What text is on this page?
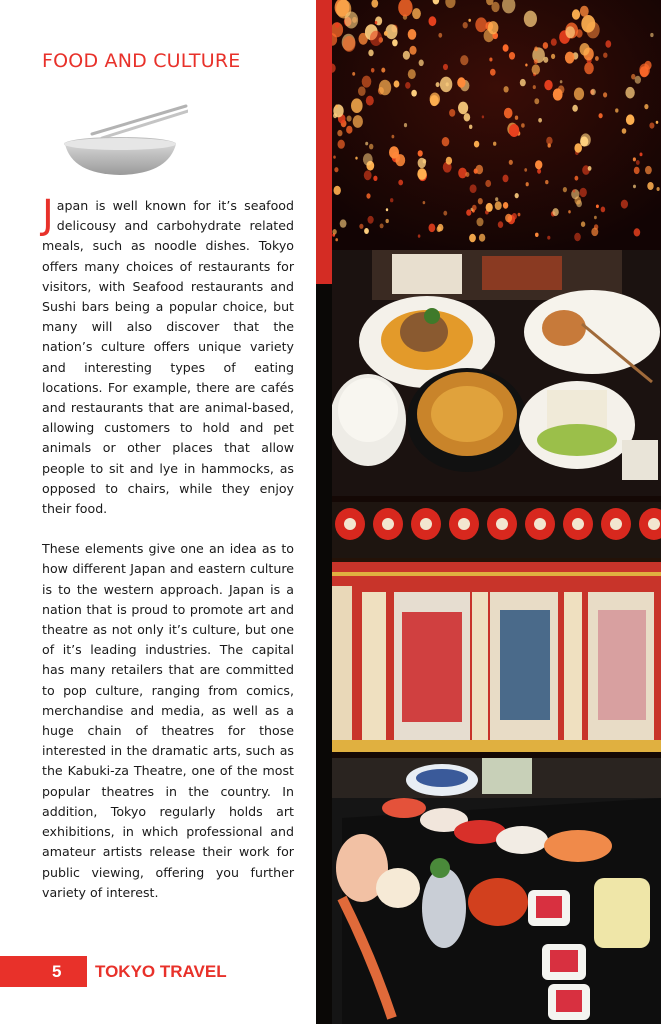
FOOD AND CULTURE

Japan is well known for it’s seafood delicousy and carbohydrate related meals, such as noodle dishes. Tokyo offers many choices of restaurants for visitors, with Seafood restaurants and Sushi bars being a popular choice, but many will also discover that the nation’s culture offers unique variety and interesting types of eating locations. For example, there are cafés and restaurants that are animal-based, allowing customers to hold and pet animals or other places that allow people to sit and lye in hammocks, as opposed to chairs, while they enjoy their food.

These elements give one an idea as to how different Japan and eastern culture is to the western approach. Japan is a nation that is proud to promote art and theatre as not only it’s culture, but one of it’s leading industries. The capital has many retailers that are committed to pop culture, ranging from comics, merchandise and media, as well as a huge chain of theatres for those interested in the dramatic arts, such as the Kabuki-za Theatre, one of the most popular theatres in the country. In addition, Tokyo regularly holds art exhibitions, in which professional and amateur artists release their work for public viewing, offering you further variety of interest.

5 TOKYO TRAVEL
